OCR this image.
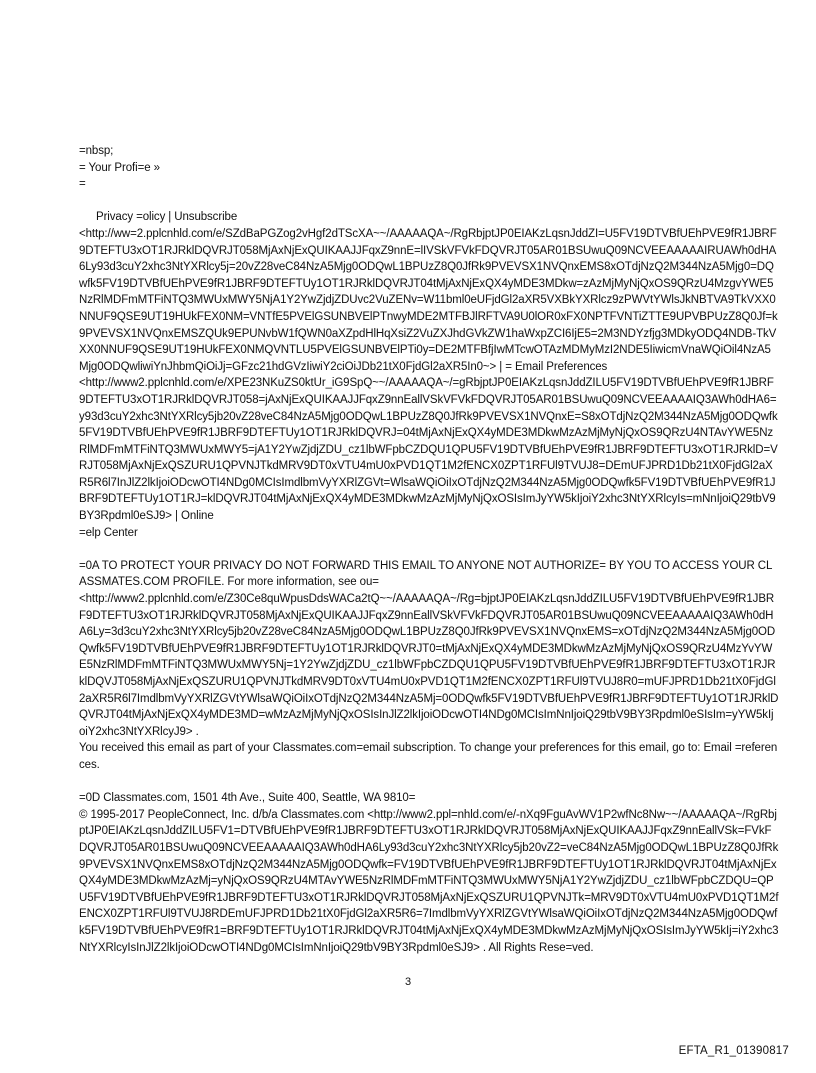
=nbsp;
= Your Profi=e »
=

Privacy =olicy | Unsubscribe
<http://ww=2.pplcnhld.com/e/SZdBaPGZog2vHgf2dTScXA~~/AAAAAQA~/RgRbjptJP0EIAKzLqsnJddZI=U5FV19DTVBfUEhPVE9fR1JBRF9DTEFTU3xOT1RJRklDQVRJT058MjAxNjExQUIKAAJJFqxZ9nnE=lIVSkVFVkFDQVRJT05AR01BSUwuQ09NCVEEAAAAAIRUAWh0dHA6Ly93d3cuY2xhc3NtYXRlcy5j=20vZ28veC84NzA5Mjg0ODQwL1BPUzZ8Q0JfRk9PVEVSX1NVQnxEMS8xOTdjNzQ2M344NzA5Mjg0=DQwfk5FV19DTVBfUEhPVE9fR1JBRF9DTEFTUy1OT1RJRklDQVRJT04tMjAxNjExQX4yMDE3MDkw=zAzMjMyNjQxOS9QRzU4MzgvYWE5NzRlMDFmMTFiNTQ3MWUxMWY5NjA1Y2YwZjdjZDUvc2VuZENv=W11bml0eUFjdGl2aXR5VXBkYXRlcz9zPWVtYWlsJkNBTVA9TkVXX0NNUF9QSE9UT19HUkFEX0NM=VNTfE5PVElGSUNBVElPTnwyMDE2MTFBJlRFTVA9U0lOR0xFX0NPTFVNTiZTTE9UPVBPUzZ8Q0Jf=k9PVEVSX1NVQnxEMSZQUk9EPUNvbW1fQWN0aXZpdHlHqXsiZ2VuZXJhdGVkZW1haWxpZCI6IjE5=2M3NDYzfjg3MDkyODQ4NDB-TkVXX0NNUF9QSE9UT19HUkFEX0NMQVNTLU5PVElGSUNBVElPTi0y=DE2MTFBfjIwMTcwOTAzMDMyMzI2NDE5IiwicmVnaWQiOil4NzA5Mjg0ODQwliwiYnJhbmQiOiJj=GFzc21hdGVzIiwiY2ciOiJDb21tX0FjdGl2aXR5In0~> | = Email Preferences
<http://www2.pplcnhld.com/e/XPE23NKuZS0ktUr_iG9SpQ~~/AAAAAQA~/=gRbjptJP0EIAKzLqsnJddZILU5FV19DTVBfUEhPVE9fR1JBRF9DTEFTU3xOT1RJRklDQVRJT058=jAxNjExQUIKAAJJFqxZ9nnEallVSkVFVkFDQVRJT05AR01BSUwuQ09NCVEEAAAAIQ3AWh0dHA6=y93d3cuY2xhc3NtYXRlcy5jb20vZ28veC84NzA5Mjg0ODQwL1BPUzZ8Q0JfRk9PVEVSX1NVQnxE=S8xOTdjNzQ2M344NzA5Mjg0ODQwfk5FV19DTVBfUEhPVE9fR1JBRF9DTEFTUy1OT1RJRklDQVRJ=04tMjAxNjExQX4yMDE3MDkwMzAzMjMyNjQxOS9QRzU4NTAvYWE5NzRlMDFmMTFiNTQ3MWUxMWY5=jA1Y2YwZjdjZDU_cz1lbWFpbCZDQU1QPU5FV19DTVBfUEhPVE9fR1JBRF9DTEFTU3xOT1RJRklD=VRJT058MjAxNjExQSZURU1QPVNJTkdMRV9DT0xVTU4mU0xPVD1QT1M2fENCX0ZPT1RFUl9TVUJ8=DEmUFJPRD1Db21tX0FjdGl2aXR5R6l7InJlZ2lkIjoiODcwOTI4NDg0MCIsImdlbmVyYXRlZGVt=WlsaWQiOiIxOTdjNzQ2M344NzA5Mjg0ODQwfk5FV19DTVBfUEhPVE9fR1JBRF9DTEFTUy1OT1RJ=klDQVRJT04tMjAxNjExQX4yMDE3MDkwMzAzMjMyNjQxOSIsImJyYW5kIjoiY2xhc3NtYXRlcyIs=mNnIjoiQ29tbV9BY3Rpdml0eSJ9> | Online
=elp Center

=0A TO PROTECT YOUR PRIVACY DO NOT FORWARD THIS EMAIL TO ANYONE NOT AUTHORIZE= BY YOU TO ACCESS YOUR CLASSMATES.COM PROFILE. For more information, see ou=
<http://www2.pplcnhld.com/e/Z30Ce8quWpusDdsWACa2tQ~~/AAAAAQA~/Rg=bjptJP0EIAKzLqsnJddZILU5FV19DTVBfUEhPVE9fR1JBRF9DTEFTU3xOT1RJRklDQVRJT058MjAxNjExQUIKAAJJFqxZ9nnEallVSkVFVkFDQVRJT05AR01BSUwuQ09NCVEEAAAAAIQ3AWh0dHA6Ly=3d3cuY2xhc3NtYXRlcy5jb20vZ28veC84NzA5Mjg0ODQwL1BPUzZ8Q0JfRk9PVEVSX1NVQnxEMS=xOTdjNzQ2M344NzA5Mjg0ODQwfk5FV19DTVBfUEhPVE9fR1JBRF9DTEFTUy1OT1RJRklDQVRJT0=tMjAxNjExQX4yMDE3MDkwMzAzMjMyNjQxOS9QRzU4MzYvYWE5NzRlMDFmMTFiNTQ3MWUxMWY5Nj=1Y2YwZjdjZDU_cz1lbWFpbCZDQU1QPU5FV19DTVBfUEhPVE9fR1JBRF9DTEFTU3xOT1RJRklDQVJT058MjAxNjExQSZURU1QPVNJTkdMRV9DT0xVTU4mU0xPVD1QT1M2fENCX0ZPT1RFUl9TVUJ8R0=mUFJPRD1Db21tX0FjdGl2aXR5R6l7ImdlbmVyYXRlZGVtYWlsaWQiOiIxOTdjNzQ2M344NzA5Mj=0ODQwfk5FV19DTVBfUEhPVE9fR1JBRF9DTEFTUy1OT1RJRklDQVRJT04tMjAxNjExQX4yMDE3MD=wMzAzMjMyNjQxOSIsInJlZ2lkIjoiODcwOTI4NDg0MCIsImNnIjoiQ29tbV9BY3Rpdml0eSIsIm=yYW5kIjoiY2xhc3NtYXRlcyJ9> .
You received this email as part of your Classmates.com=email subscription. To change your preferences for this email, go to: Email =references.

=0D Classmates.com, 1501 4th Ave., Suite 400, Seattle, WA 9810=
© 1995-2017 PeopleConnect, Inc. d/b/a Classmates.com <http://www2.ppl=nhld.com/e/-nXq9FguAvWV1P2wfNc8Nw~~/AAAAAQA~/RgRbjptJP0EIAKzLqsnJddZILU5FV1=DTVBfUEhPVE9fR1JBRF9DTEFTU3xOT1RJRklDQVRJT058MjAxNjExQUIKAAJJFqxZ9nnEallVSk=FVkFDQVRJT05AR01BSUwuQ09NCVEEAAAAAIQ3AWh0dHA6Ly93d3cuY2xhc3NtYXRlcy5jb20vZ2=veC84NzA5Mjg0ODQwL1BPUzZ8Q0JfRk9PVEVSX1NVQnxEMS8xOTdjNzQ2M344NzA5Mjg0ODQwfk=FV19DTVBfUEhPVE9fR1JBRF9DTEFTUy1OT1RJRklDQVRJT04tMjAxNjExQX4yMDE3MDkwMzAzMj=yNjQxOS9QRzU4MTAvYWE5NzRlMDFmMTFiNTQ3MWUxMWY5NjA1Y2YwZjdjZDU_cz1lbWFpbCZDQU=QPU5FV19DTVBfUEhPVE9fR1JBRF9DTEFTU3xOT1RJRklDQVRJT058MjAxNjExQSZURU1QPVNJTk=MRV9DT0xVTU4mU0xPVD1QT1M2fENCX0ZPT1RFUl9TVUJ8RDEmUFJPRD1Db21tX0FjdGl2aXR5R6=7ImdlbmVyYXRlZGVtYWlsaWQiOiIxOTdjNzQ2M344NzA5Mjg0ODQwfk5FV19DTVBfUEhPVE9fR1=BRF9DTEFTUy1OT1RJRklDQVRJT04tMjAxNjExQX4yMDE3MDkwMzAzMjMyNjQxOSIsImJyYW5kIj=iY2xhc3NtYXRlcyIsInJlZ2lkIjoiODcwOTI4NDg0MCIsImNnIjoiQ29tbV9BY3Rpdml0eSJ9> . All Rights Rese=ved.

3
EFTA_R1_01390817
